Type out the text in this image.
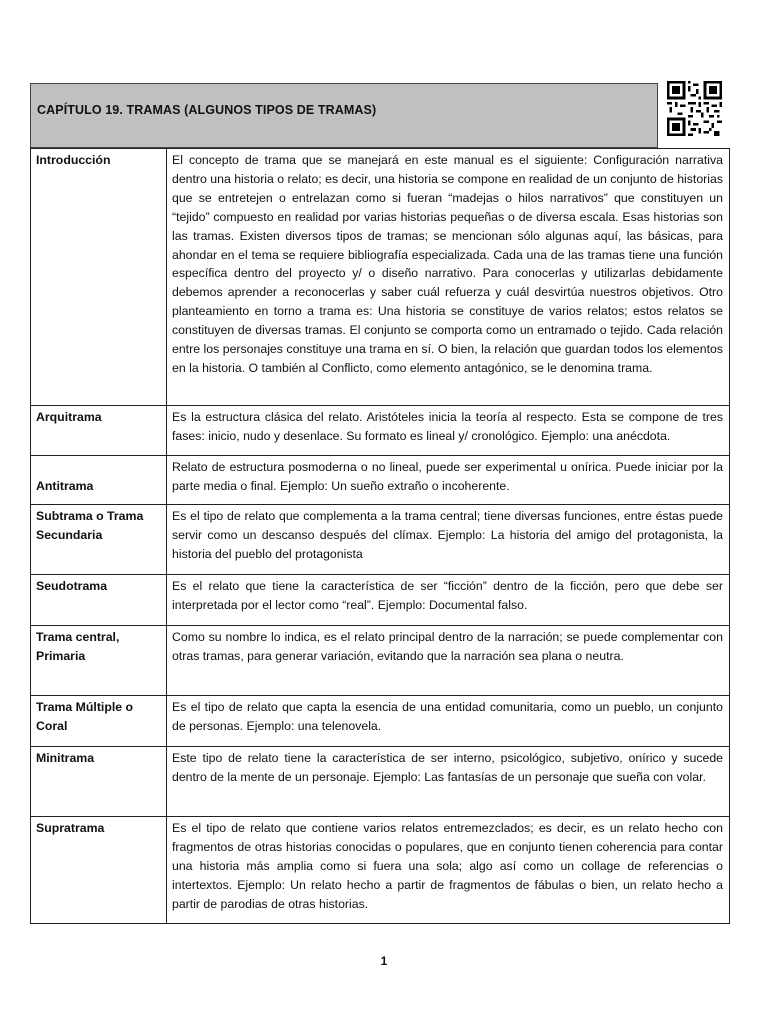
CAPÍTULO 19. TRAMAS (ALGUNOS TIPOS DE TRAMAS)
Introducción	El concepto de trama que se manejará en este manual es el siguiente: Configuración narrativa dentro una historia o relato; es decir, una historia se compone en realidad de un conjunto de historias que se entretejen o entrelazan como si fueran “madejas o hilos narrativos” que constituyen un “tejido” compuesto en realidad por varias historias pequeñas o de diversa escala. Esas historias son las tramas. Existen diversos tipos de tramas; se mencionan sólo algunas aquí, las básicas, para ahondar en el tema se requiere bibliografía especializada. Cada una de las tramas tiene una función específica dentro del proyecto y/ o diseño narrativo. Para conocerlas y utilizarlas debidamente debemos aprender a reconocerlas y saber cuál refuerza y cuál desvirtúa nuestros objetivos. Otro planteamiento en torno a trama es: Una historia se constituye de varios relatos; estos relatos se constituyen de diversas tramas. El conjunto se comporta como un entramado o tejido. Cada relación entre los personajes constituye una trama en sí. O bien, la relación que guardan todos los elementos en la historia. O también al Conflicto, como elemento antagónico, se le denomina trama.
Arquitrama	Es la estructura clásica del relato. Aristóteles inicia la teoría al respecto. Esta se compone de tres fases: inicio, nudo y desenlace. Su formato es lineal y/ cronológico. Ejemplo: una anécdota.
Antitrama	Relato de estructura posmoderna o no lineal, puede ser experimental u onírica. Puede iniciar por la parte media o final. Ejemplo: Un sueño extraño o incoherente.
Subtrama o Trama Secundaria	Es el tipo de relato que complementa a la trama central; tiene diversas funciones, entre éstas puede servir como un descanso después del clímax. Ejemplo: La historia del amigo del protagonista, la historia del pueblo del protagonista
Seudotrama	Es el relato que tiene la característica de ser “ficción” dentro de la ficción, pero que debe ser interpretada por el lector como “real”. Ejemplo: Documental falso.
Trama central, Primaria	Como su nombre lo indica, es el relato principal dentro de la narración; se puede complementar con otras tramas, para generar variación, evitando que la narración sea plana o neutra.
Trama Múltiple o Coral	Es el tipo de relato que capta la esencia de una entidad comunitaria, como un pueblo, un conjunto de personas. Ejemplo: una telenovela.
Minitrama	Este tipo de relato tiene la característica de ser interno, psicológico, subjetivo, onírico y sucede dentro de la mente de un personaje. Ejemplo: Las fantasías de un personaje que sueña con volar.
Supratrama	Es el tipo de relato que contiene varios relatos entremezclados; es decir, es un relato hecho con fragmentos de otras historias conocidas o populares, que en conjunto tienen coherencia para contar una historia más amplia como si fuera una sola; algo así como un collage de referencias o intertextos. Ejemplo: Un relato hecho a partir de fragmentos de fábulas o bien, un relato hecho a partir de parodias de otras historias.
1
